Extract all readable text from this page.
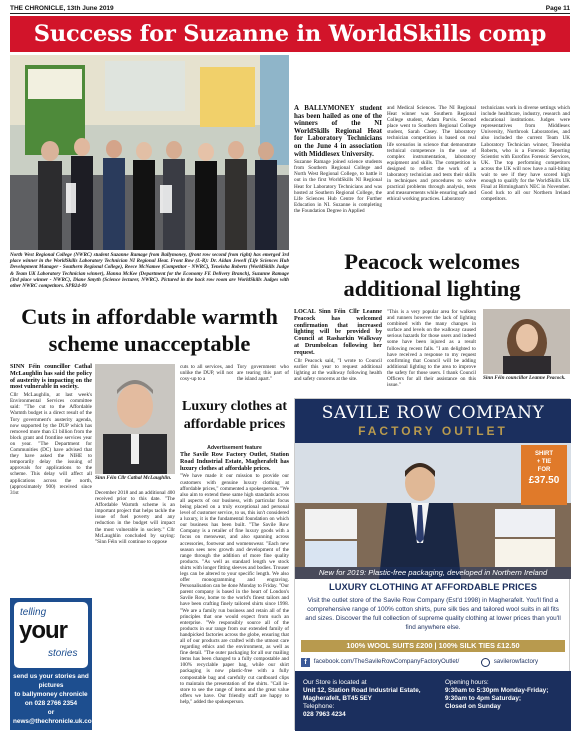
THE CHRONICLE, 13th June 2019	Page 11
Success for Suzanne in WorldSkills comp
North West Regional College (NWRC) student Suzanne Ramage from Ballymoney, (front row second from right) has emerged 3rd place winner in the WorldSkills Laboratory Technician NI Regional Heat. Front Row (L-R): Dr. Aidan Jewell (Life Sciences Hub Development Manager - Southern Regional College), Reece McNamee (Competitor - NWRC), Teneisha Roberts (WorldSkills Judge & Team UK Laboratory Technician winner), Hanna McKee (Department for the Economy FE Delivery Branch), Suzanne Ramage (3rd place winner - NWRC), Diane Smyth (Science lecturer, NWRC). Pictured in the back row room are WorldSkills Judges with other NWRC competitors. SPB24-09

A BALLYMONEY student has been hailed as one of the winners of the NI WorldSkills Regional Heat for Laboratory Technicians on the June 4 in association with Middlesex University.

Suzanne Ramage joined science students from Southern Regional College and North West Regional College, to battle it out in the first WorldSkills NI Regional Heat for Laboratory Technicians and was hosted at Southern Regional College, the Life Sciences Hub Centre for Further Education in NI. Suzanne is completing the Foundation Degree in Applied

and Medical Sciences. The NI Regional Heat winner was Southern Regional College student, Adam Parvis. Second place went to Southern Regional College student, Sarah Casey. The laboratory technician competition is based on real life scenarios in science that demonstrate technical competence in the use of complex instrumentation, laboratory equipment and skills. The competition is designed to reflect the work of a laboratory technician and tests their skills in techniques and procedures to solve practical problems through analysis, tests and measurements while ensuring safe and ethical working practices. Laboratory

technicians work in diverse settings which include healthcare, industry, research and educational institutions. Judges were representatives from Middlesex University, Northrook Laboratories, and also included the current Team UK Laboratory Technician winner, Teneisha Roberts, who is a Forensic Reporting Scientist with Eurofins Forensic Services, UK. The top performing competitors across the UK will now have a nail-biting wait to see if they have scored high enough to qualify for the WorldSkills UK Final at Birmingham's NEC in November. Good luck to all our Northern Ireland competitors.

Peacock welcomes additional lighting

LOCAL Sinn Féin Cllr Leanne Peacock has welcomed confirmation that increased lighting will be provided by Council at Rasharkin Walkway at Drumbolcan following her request.

Cllr Peacock said, "I wrote to Council earlier this year to request additional lighting at the walkway following health and safety concerns at the site.

"This is a very popular area for walkers and runners however the lack of lighting combined with the many changes in surface and levels on the walkway caused serious hazards for those users and indeed some have been injured as a result following recent falls. "I am delighted to have received a response to my request confirming that Council will be adding additional lighting to the area to improve the safety for those users. I thank Council Officers for all their assistance on this issue."

Sinn Féin councillor Leanne Peacock.
Cuts in affordable warmth scheme unacceptable

SINN Féin councillor Cathal McLaughlin has said the policy of austerity is impacting on the most vulnerable in society.

Cllr McLaughlin, at last week's Environmental Services committee said: "The cut to the Affordable Warmth budget is a direct result of the Tory government's austerity agenda, now supported by the DUP which has removed more than £1 billion from the block grant and frontline services year on year. "The Department for Communities (DC) have advised that they have asked the NIHE to temporarily delay the issuing of approvals for applications to the scheme. This delay will affect all applications across the north, (approximately 900) received since 31st

Sinn Féin Cllr Cathal McLaughlin.

December 2018 and an additional 400 received prior to this date. "The Affordable Warmth scheme is an important project that helps tackle the issue of fuel poverty and any reduction in the budget will impact the most vulnerable in society." Cllr McLaughlin concluded by saying: "Sinn Féin will continue to oppose

cuts to all services, and unlike the DUP, will not cosy-up to a

Tory government who are tearing this part of the island apart."

Luxury clothes at affordable prices

Advertisement feature

The Savile Row Factory Outlet, Station Road Industrial Estate, Magherafelt has luxury clothes at affordable prices.

"We have made it our mission to provide our customers with genuine luxury clothing at affordable prices," commented a spokesperson. "We also aim to extend these same high standards across all aspects of our business, with particular focus being placed on a truly exceptional and personal level of customer service, to us, this isn't considered a luxury, it is the fundamental foundation on which our business has been built. "The Savile Row Company is a retailer of fine luxury goods with a focus on menswear, and also spanning across accessories, footwear and womenswear. "Each new season sees new growth and development of the range through the addition of more fine quality products. "As well as standard length we stock shirts with longer fitting sleeves and bodies. Trouser legs can be altered to your specific length. We also offer monogramming and engraving. Personalisation can be done Monday to Friday. "Our parent company is based in the heart of London's Savile Row, home to the world's finest tailors and have been crafting finely tailored shirts since 1998. "We are a family run business and retain all of the principles that one would expect from such an enterprise. "We responsibly source all of the products in our range from our extended family of handpicked factories across the globe, ensuring that all of our products are crafted with the utmost care regarding ethics and the environment, as well as fine detail. "The outer packaging for all our mailing items has been changed to a fully compostable and 100% recyclable paper bag, while our shirt packaging is now plastic-free with a fully compostable bag and carefully cut cardboard clips to maintain the presentation of the shirts. "Call in-store to see the range of items and the great value offers we have. Our friendly staff are happy to help," added the spokesperson.

telling
your
stories
send us your stories and pictures
to ballymoney chronicle
on 028 2766 2354
or news@thechronicle.uk.com
SAVILE ROW COMPANY
FACTORY OUTLET
SHIRT
+ TIE
FOR
£37.50
New for 2019: Plastic-free packaging, developed in Northern Ireland
LUXURY CLOTHING AT AFFORDABLE PRICES
Visit the outlet store of the Savile Row Company (Est'd 1998) in Magherafelt. You'll find a comprehensive range of 100% cotton shirts, pure silk ties and tailored wool suits in all fits and sizes. Discover the full collection of supreme quality clothing at lower prices than you'll find anywhere else.
100% WOOL SUITS £200 | 100% SILK TIES £12.50
f facebook.com/TheSavileRowCompanyFactoryOutlet/	savilerowfactory
Our Store is located at
Unit 12, Station Road Industrial Estate,
Magherafelt, BT45 5EY
Telephone:
028 7963 4234
Opening hours:
9:30am to 5:30pm Monday-Friday;
9:30am to 4pm Saturday;
Closed on Sunday
